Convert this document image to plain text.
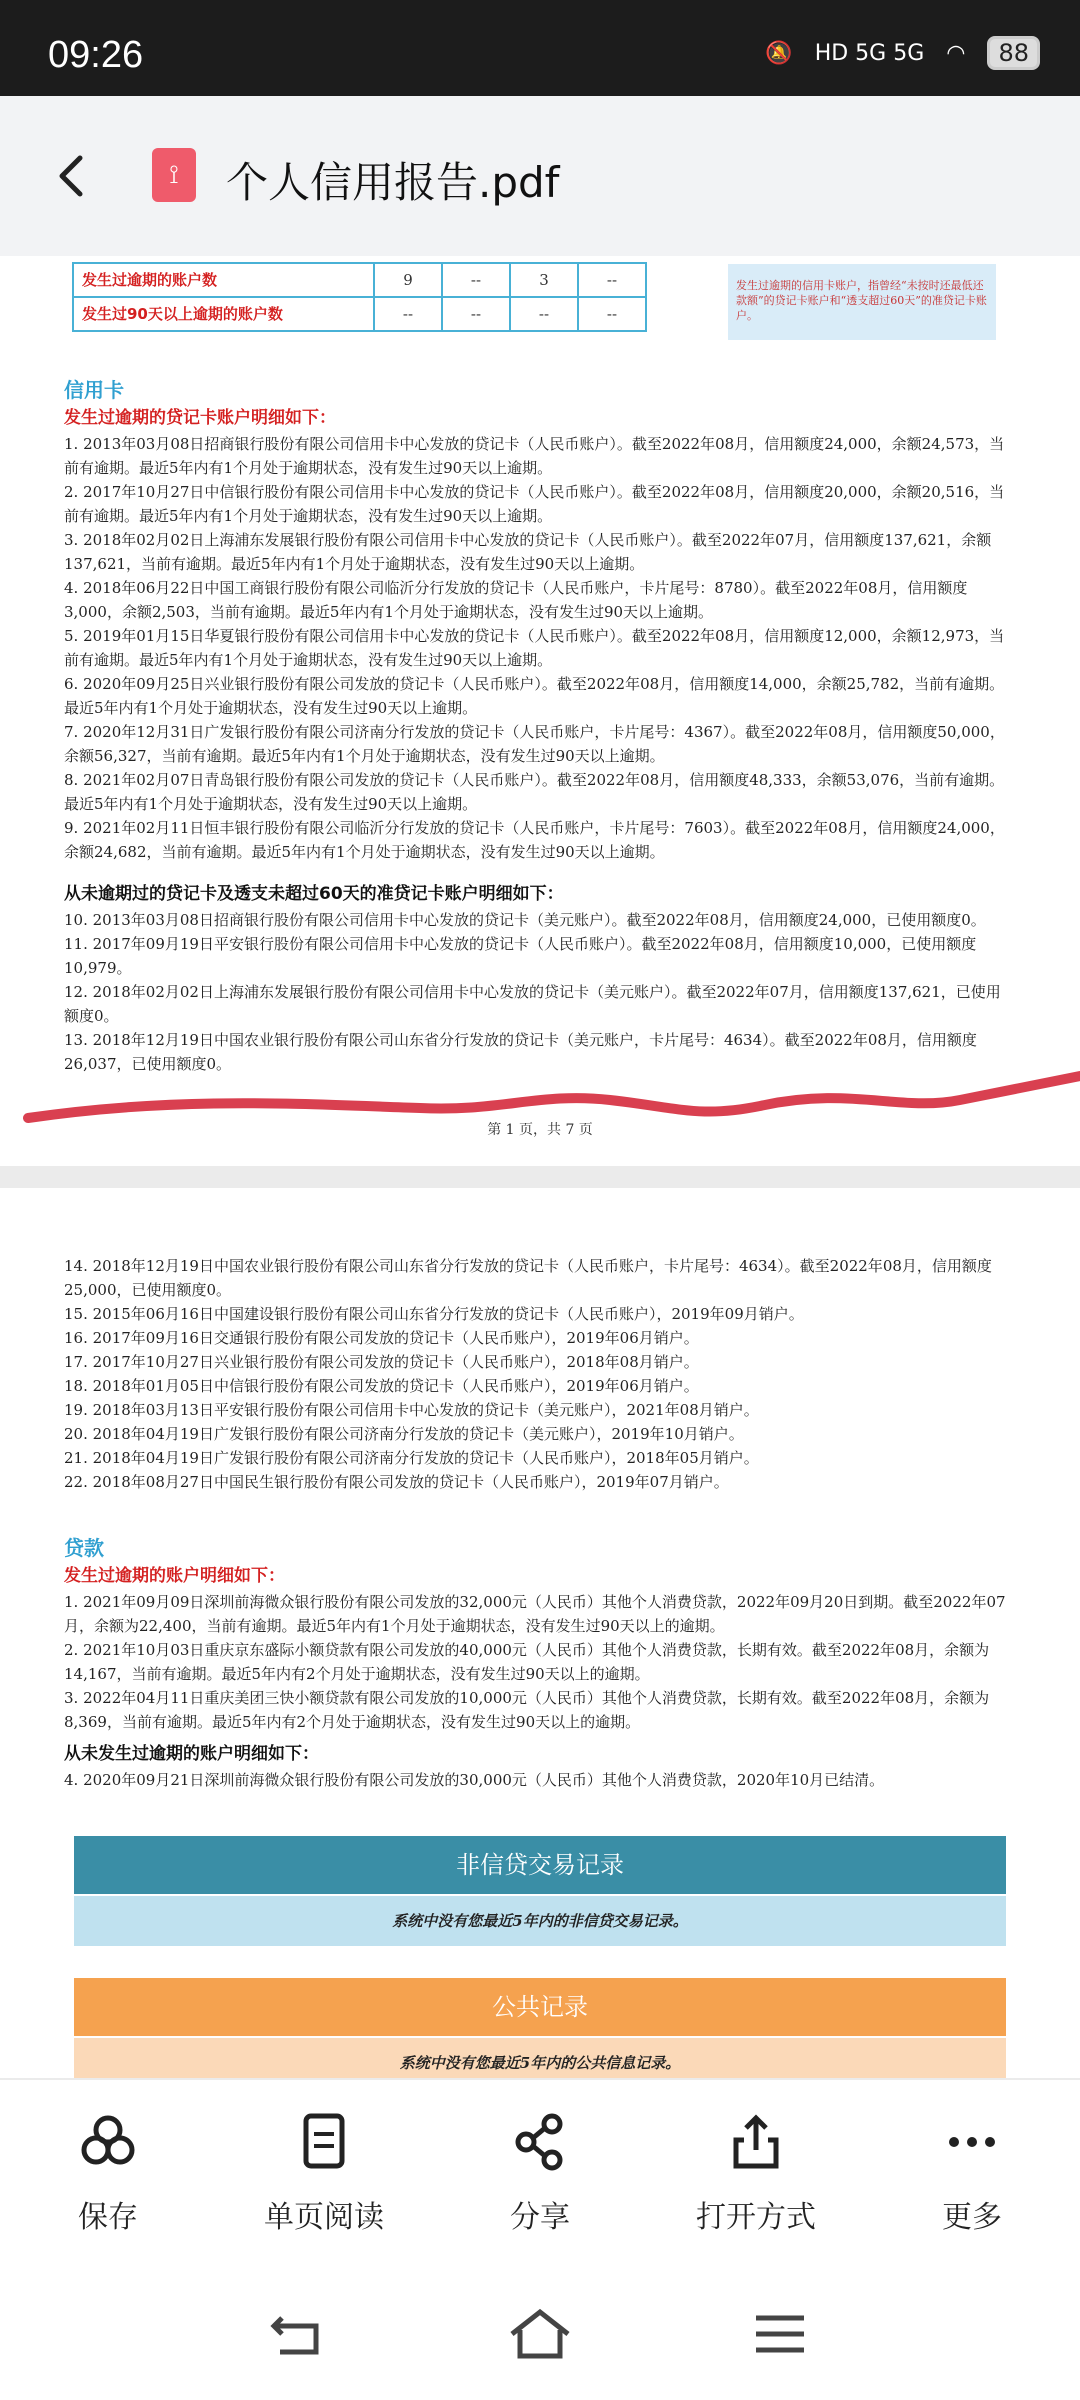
09:26	🔕 HD 5G 5G ◠	88
⟟	个人信用报告.pdf
发生过逾期的账户数	9	--	3	--
发生过90天以上逾期的账户数	--	--	--	--
发生过逾期的信用卡账户，指曾经“未按时还最低还款额”的贷记卡账户和“透支超过60天”的准贷记卡账户。
信用卡
发生过逾期的贷记卡账户明细如下：

1. 2013年03月08日招商银行股份有限公司信用卡中心发放的贷记卡（人民币账户）。截至2022年08月，信用额度24,000，余额24,573，当前有逾期。最近5年内有1个月处于逾期状态，没有发生过90天以上逾期。

2. 2017年10月27日中信银行股份有限公司信用卡中心发放的贷记卡（人民币账户）。截至2022年08月，信用额度20,000，余额20,516，当前有逾期。最近5年内有1个月处于逾期状态，没有发生过90天以上逾期。

3. 2018年02月02日上海浦东发展银行股份有限公司信用卡中心发放的贷记卡（人民币账户）。截至2022年07月，信用额度137,621，余额137,621，当前有逾期。最近5年内有1个月处于逾期状态，没有发生过90天以上逾期。

4. 2018年06月22日中国工商银行股份有限公司临沂分行发放的贷记卡（人民币账户，卡片尾号：8780）。截至2022年08月，信用额度3,000，余额2,503，当前有逾期。最近5年内有1个月处于逾期状态，没有发生过90天以上逾期。

5. 2019年01月15日华夏银行股份有限公司信用卡中心发放的贷记卡（人民币账户）。截至2022年08月，信用额度12,000，余额12,973，当前有逾期。最近5年内有1个月处于逾期状态，没有发生过90天以上逾期。

6. 2020年09月25日兴业银行股份有限公司发放的贷记卡（人民币账户）。截至2022年08月，信用额度14,000，余额25,782，当前有逾期。最近5年内有1个月处于逾期状态，没有发生过90天以上逾期。

7. 2020年12月31日广发银行股份有限公司济南分行发放的贷记卡（人民币账户，卡片尾号：4367）。截至2022年08月，信用额度50,000，余额56,327，当前有逾期。最近5年内有1个月处于逾期状态，没有发生过90天以上逾期。

8. 2021年02月07日青岛银行股份有限公司发放的贷记卡（人民币账户）。截至2022年08月，信用额度48,333，余额53,076，当前有逾期。最近5年内有1个月处于逾期状态，没有发生过90天以上逾期。

9. 2021年02月11日恒丰银行股份有限公司临沂分行发放的贷记卡（人民币账户，卡片尾号：7603）。截至2022年08月，信用额度24,000，余额24,682，当前有逾期。最近5年内有1个月处于逾期状态，没有发生过90天以上逾期。

从未逾期过的贷记卡及透支未超过60天的准贷记卡账户明细如下：

10. 2013年03月08日招商银行股份有限公司信用卡中心发放的贷记卡（美元账户）。截至2022年08月，信用额度24,000，已使用额度0。

11. 2017年09月19日平安银行股份有限公司信用卡中心发放的贷记卡（人民币账户）。截至2022年08月，信用额度10,000，已使用额度10,979。

12. 2018年02月02日上海浦东发展银行股份有限公司信用卡中心发放的贷记卡（美元账户）。截至2022年07月，信用额度137,621，已使用额度0。

13. 2018年12月19日中国农业银行股份有限公司山东省分行发放的贷记卡（美元账户，卡片尾号：4634）。截至2022年08月，信用额度26,037，已使用额度0。

第 1 页，共 7 页

14. 2018年12月19日中国农业银行股份有限公司山东省分行发放的贷记卡（人民币账户，卡片尾号：4634）。截至2022年08月，信用额度25,000，已使用额度0。

15. 2015年06月16日中国建设银行股份有限公司山东省分行发放的贷记卡（人民币账户），2019年09月销户。

16. 2017年09月16日交通银行股份有限公司发放的贷记卡（人民币账户），2019年06月销户。

17. 2017年10月27日兴业银行股份有限公司发放的贷记卡（人民币账户），2018年08月销户。

18. 2018年01月05日中信银行股份有限公司发放的贷记卡（人民币账户），2019年06月销户。

19. 2018年03月13日平安银行股份有限公司信用卡中心发放的贷记卡（美元账户），2021年08月销户。

20. 2018年04月19日广发银行股份有限公司济南分行发放的贷记卡（美元账户），2019年10月销户。

21. 2018年04月19日广发银行股份有限公司济南分行发放的贷记卡（人民币账户），2018年05月销户。

22. 2018年08月27日中国民生银行股份有限公司发放的贷记卡（人民币账户），2019年07月销户。

贷款
发生过逾期的账户明细如下：

1. 2021年09月09日深圳前海微众银行股份有限公司发放的32,000元（人民币）其他个人消费贷款，2022年09月20日到期。截至2022年07月，余额为22,400，当前有逾期。最近5年内有1个月处于逾期状态，没有发生过90天以上的逾期。

2. 2021年10月03日重庆京东盛际小额贷款有限公司发放的40,000元（人民币）其他个人消费贷款，长期有效。截至2022年08月，余额为14,167，当前有逾期。最近5年内有2个月处于逾期状态，没有发生过90天以上的逾期。

3. 2022年04月11日重庆美团三快小额贷款有限公司发放的10,000元（人民币）其他个人消费贷款，长期有效。截至2022年08月，余额为8,369，当前有逾期。最近5年内有2个月处于逾期状态，没有发生过90天以上的逾期。

从未发生过逾期的账户明细如下：

4. 2020年09月21日深圳前海微众银行股份有限公司发放的30,000元（人民币）其他个人消费贷款，2020年10月已结清。

非信贷交易记录
系统中没有您最近5年内的非信贷交易记录。
公共记录
系统中没有您最近5年内的公共信息记录。
保存	单页阅读	分享	打开方式	更多
